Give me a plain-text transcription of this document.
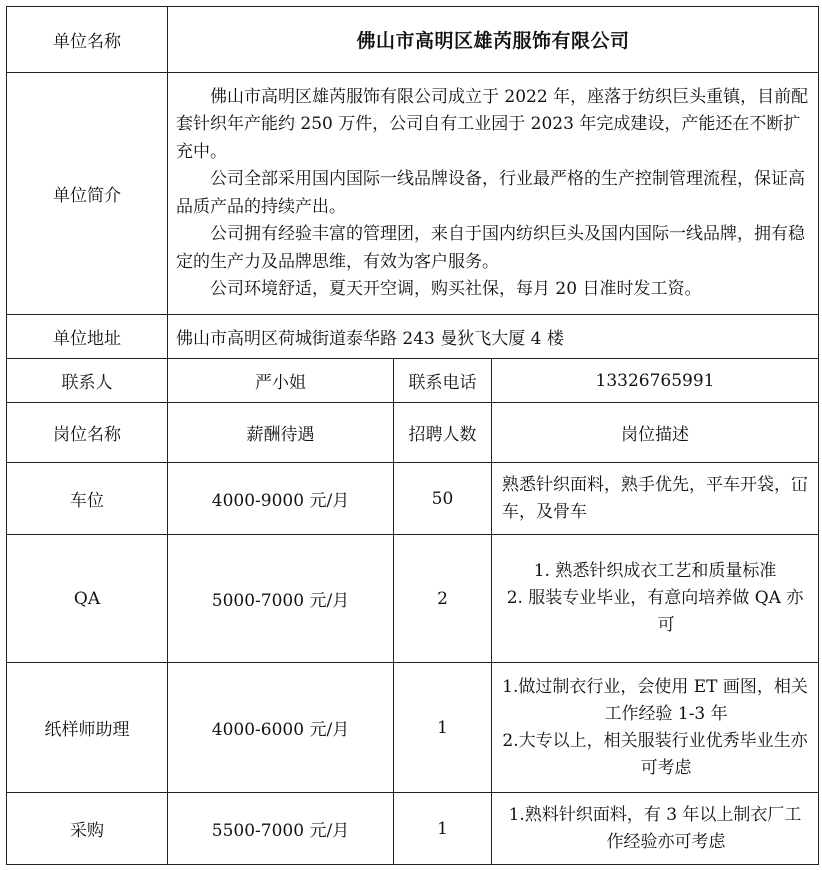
单位名称	佛山市高明区雄芮服饰有限公司		
单位简介	佛山市高明区雄芮服饰有限公司成立于 2022 年，座落于纺织巨头重镇，目前配套针织年产能约 250 万件，公司自有工业园于 2023 年完成建设，产能还在不断扩充中。

公司全部采用国内国际一线品牌设备，行业最严格的生产控制管理流程，保证高品质产品的持续产出。

公司拥有经验丰富的管理团，来自于国内纺织巨头及国内国际一线品牌，拥有稳定的生产力及品牌思维，有效为客户服务。

公司环境舒适，夏天开空调，购买社保，每月 20 日准时发工资。		

单位地址	佛山市高明区荷城街道泰华路 243 曼狄飞大厦 4 楼		
联系人	严小姐	联系电话	13326765991
岗位名称	薪酬待遇	招聘人数	岗位描述
车位	4000-9000 元/月	50	熟悉针织面料，熟手优先，平车开袋，冚车，及骨车

QA	5000-7000 元/月	2	1. 熟悉针织成衣工艺和质量标准
2. 服装专业毕业，有意向培养做 QA 亦可

纸样师助理	4000-6000 元/月	1	1.做过制衣行业，会使用 ET 画图，相关工作经验 1-3 年
2.大专以上，相关服装行业优秀毕业生亦可考虑

采购	5500-7000 元/月	1	1.熟料针织面料，有 3 年以上制衣厂工作经验亦可考虑
